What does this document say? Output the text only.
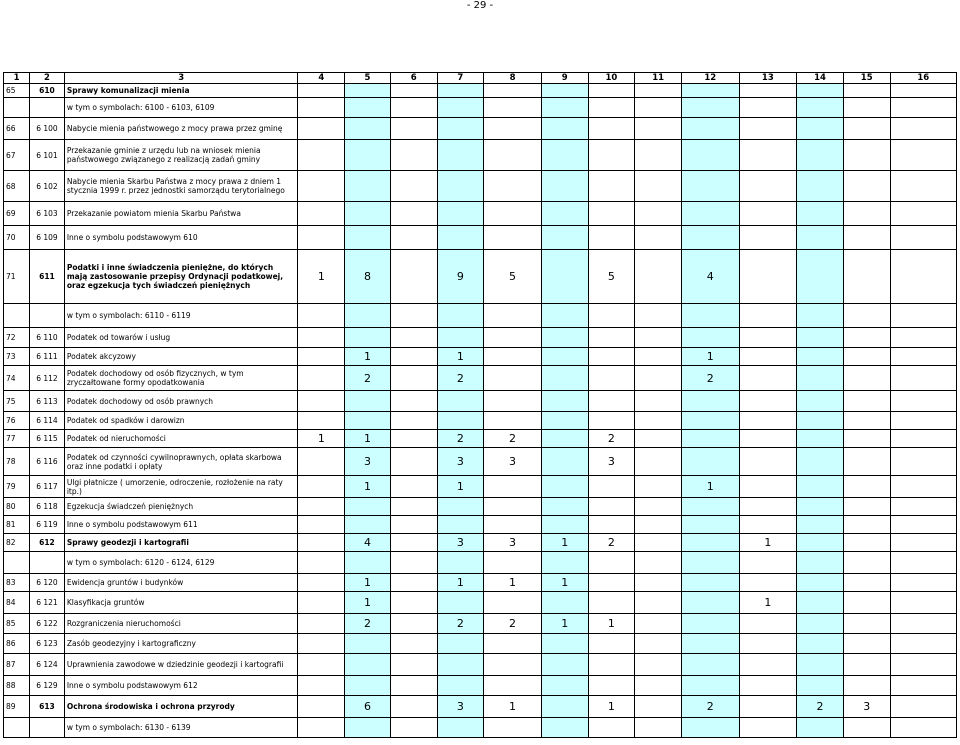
- 29 -
1	2	3	4	5	6	7	8	9	10	11	12	13	14	15	16
65	610	Sprawy komunalizacji mienia													
		w tym o symbolach: 6100 - 6103, 6109													
66	6 100	Nabycie mienia państwowego z mocy prawa przez gminę													
67	6 101	Przekazanie gminie z urzędu lub na wniosek mienia państwowego związanego z realizacją zadań gminy													
68	6 102	Nabycie mienia Skarbu Państwa z mocy prawa z dniem 1 stycznia 1999 r. przez jednostki samorządu terytorialnego													
69	6 103	Przekazanie powiatom mienia Skarbu Państwa													
70	6 109	Inne o symbolu podstawowym 610													
71	611	Podatki i inne świadczenia pieniężne, do których mają zastosowanie przepisy Ordynacji podatkowej, oraz egzekucja tych świadczeń pieniężnych	1	8		9	5		5		4				
		w tym o symbolach: 6110 - 6119													
72	6 110	Podatek od towarów i usług													
73	6 111	Podatek akcyzowy		1		1					1				
74	6 112	Podatek dochodowy od osób fizycznych, w tym zryczałtowane formy opodatkowania		2		2					2				
75	6 113	Podatek dochodowy od osób prawnych													
76	6 114	Podatek od spadków i darowizn													
77	6 115	Podatek od nieruchomości	1	1		2	2		2						
78	6 116	Podatek od czynności cywilnoprawnych, opłata skarbowa oraz inne podatki i opłaty		3		3	3		3						
79	6 117	Ulgi płatnicze ( umorzenie, odroczenie, rozłożenie na raty itp.)		1		1					1				
80	6 118	Egzekucja świadczeń pieniężnych													
81	6 119	Inne o symbolu podstawowym 611													
82	612	Sprawy geodezji i kartografii		4		3	3	1	2			1			
		w tym o symbolach: 6120 - 6124, 6129													
83	6 120	Ewidencja gruntów i budynków		1		1	1	1							
84	6 121	Klasyfikacja gruntów		1								1			
85	6 122	Rozgraniczenia nieruchomości		2		2	2	1	1						
86	6 123	Zasób geodezyjny i kartograficzny													
87	6 124	Uprawnienia zawodowe w dziedzinie geodezji i kartografii													
88	6 129	Inne o symbolu podstawowym 612													
89	613	Ochrona środowiska i ochrona przyrody		6		3	1		1		2		2	3	
		w tym o symbolach: 6130 - 6139													
